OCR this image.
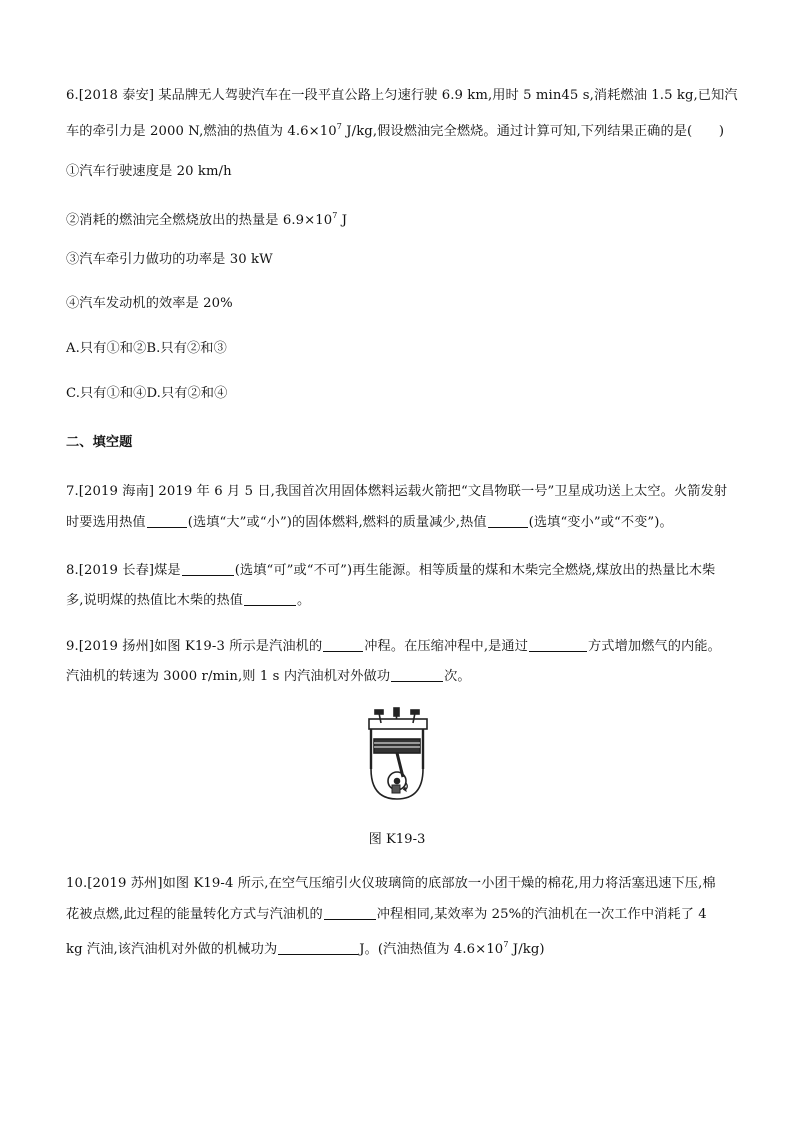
6.[2018 泰安] 某品牌无人驾驶汽车在一段平直公路上匀速行驶 6.9 km,用时 5 min45 s,消耗燃油 1.5 kg,已知汽
车的牵引力是 2000 N,燃油的热值为 $4.6\times 10^7$ J/kg,假设燃油完全燃烧。通过计算可知,下列结果正确的是(　　)
①汽车行驶速度是 20 km/h
②消耗的燃油完全燃烧放出的热量是 $6.9\times 10^7$ J
③汽车牵引力做功的功率是 30 kW
④汽车发动机的效率是 20%
A.只有①和②B.只有②和③
C.只有①和④D.只有②和④
二、填空题
7.[2019 海南] 2019 年 6 月 5 日,我国首次用固体燃料运载火箭把“文昌物联一号”卫星成功送上太空。火箭发射
时要选用热值	(选填“大”或“小”)的固体燃料,燃料的质量减少,热值	(选填“变小”或“不变”)。
8.[2019 长春]煤是	(选填“可”或“不可”)再生能源。相等质量的煤和木柴完全燃烧,煤放出的热量比木柴
多,说明煤的热值比木柴的热值	。
9.[2019 扬州]如图 K19-3 所示是汽油机的	冲程。在压缩冲程中,是通过	方式增加燃气的内能。
汽油机的转速为 3000 r/min,则 1 s 内汽油机对外做功	次。
图 K19-3
10.[2019 苏州]如图 K19-4 所示,在空气压缩引火仪玻璃筒的底部放一小团干燥的棉花,用力将活塞迅速下压,棉
花被点燃,此过程的能量转化方式与汽油机的	冲程相同,某效率为 25%的汽油机在一次工作中消耗了 4
kg 汽油,该汽油机对外做的机械功为	J。(汽油热值为 $4.6\times 10^7$ J/kg)
